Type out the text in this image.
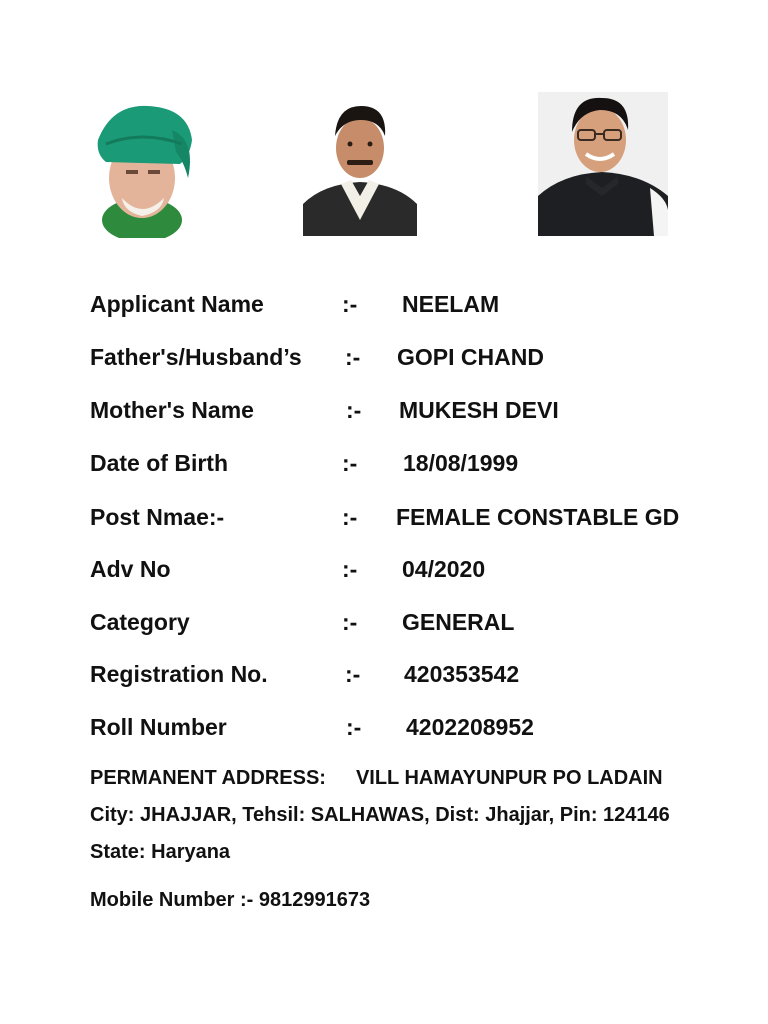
Applicant Name	:- NEELAM
Father's/Husband’s :- GOPI CHAND
Mother's Name	:- MUKESH DEVI
Date of Birth	:- 18/08/1999
Post Nmae:-	:- FEMALE CONSTABLE GD
Adv No	:- 04/2020
Category	:- GENERAL
Registration No.	:- 420353542
Roll Number	:- 4202208952
PERMANENT ADDRESS: VILL HAMAYUNPUR PO LADAIN City: JHAJJAR, Tehsil: SALHAWAS, Dist: Jhajjar, Pin: 124146 State: Haryana
Mobile Number :- 9812991673
